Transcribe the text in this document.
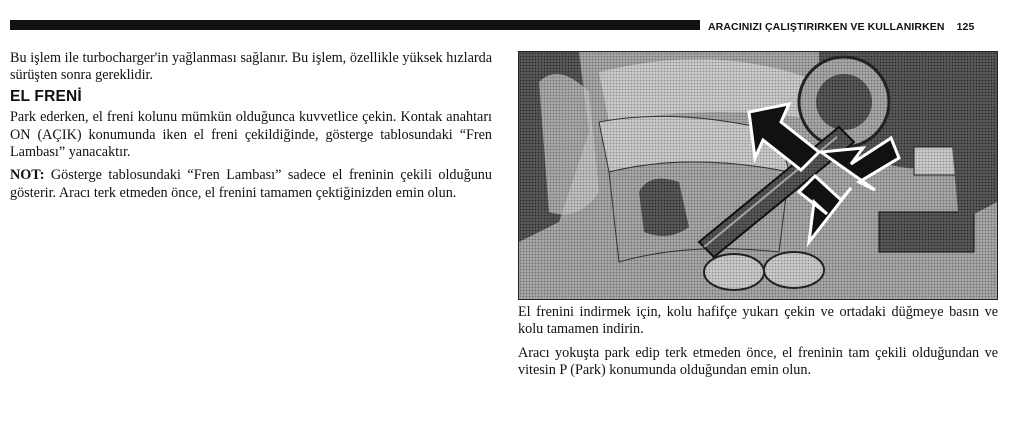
ARACINIZI ÇALIŞTIRIRKEN VE KULLANIRKEN 125

Bu işlem ile turbocharger'in yağlanması sağlanır. Bu işlem, özellikle yüksek hızlarda sürüşten sonra gereklidir.

EL FRENİ

Park ederken, el freni kolunu mümkün olduğunca kuvvetlice çekin. Kontak anahtarı ON (AÇIK) konumunda iken el freni çekildiğinde, gösterge tablosundaki “Fren Lambası” yanacaktır.

NOT: Gösterge tablosundaki “Fren Lambası” sadece el freninin çekili olduğunu gösterir. Aracı terk etmeden önce, el frenini tamamen çektiğinizden emin olun.

El frenini indirmek için, kolu hafifçe yukarı çekin ve ortadaki düğmeye basın ve kolu tamamen indirin.

Aracı yokuşta park edip terk etmeden önce, el freninin tam çekili olduğundan ve vitesin P (Park) konumunda olduğundan emin olun.
